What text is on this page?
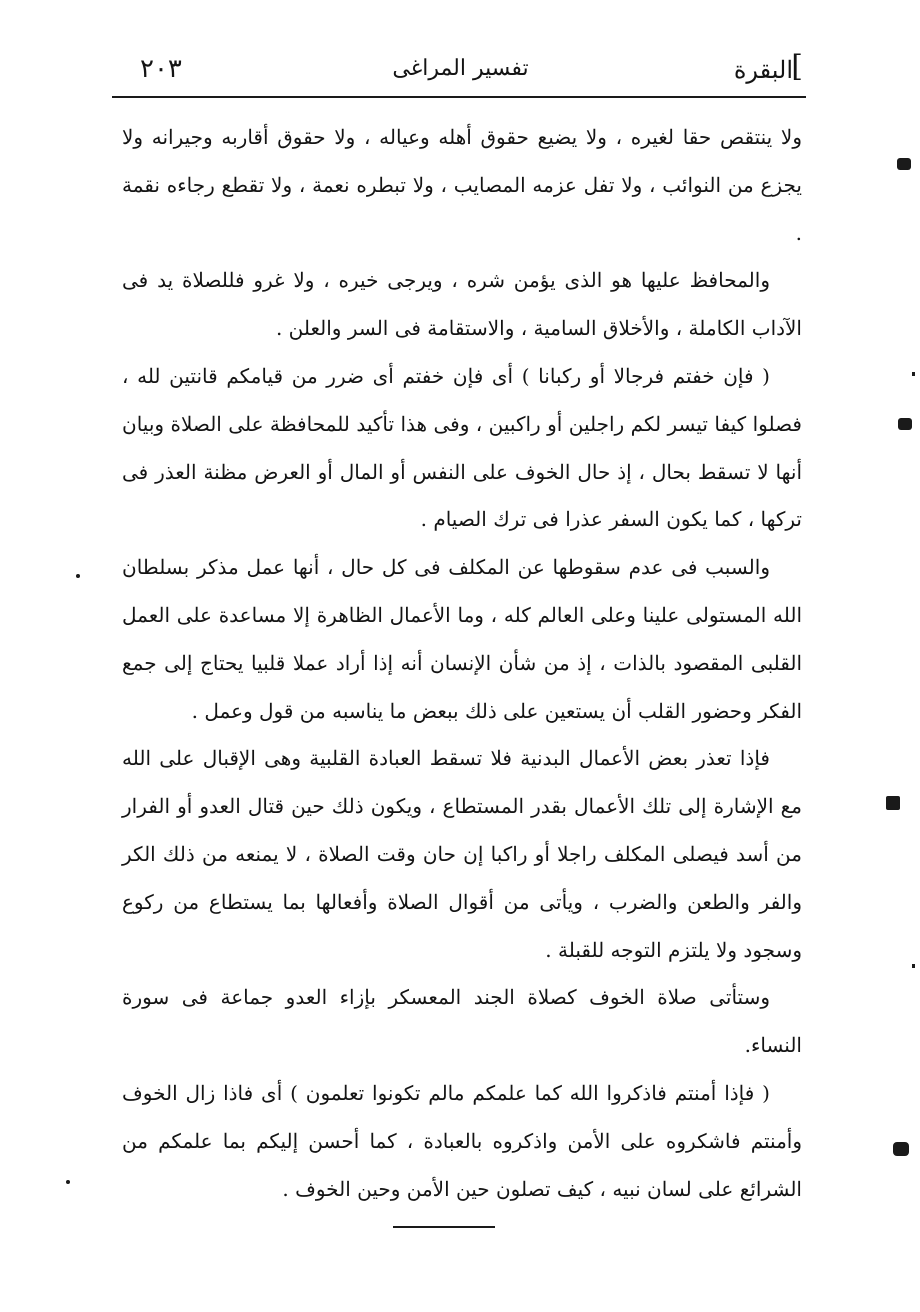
]
البقرة
تفسير المراغى
٢٠٣

ولا ينتقص حقا لغيره ، ولا يضيع حقوق أهله وعياله ، ولا حقوق أقاربه وجيرانه ولا يجزع من النوائب ، ولا تفل عزمه المصايب ، ولا تبطره نعمة ، ولا تقطع رجاءه نقمة .

والمحافظ عليها هو الذى يؤمن شره ، ويرجى خيره ، ولا غرو فللصلاة يد فى الآداب الكاملة ، والأخلاق السامية ، والاستقامة فى السر والعلن .

( فإن خفتم فرجالا أو ركبانا ) أى فإن خفتم أى ضرر من قيامكم قانتين لله ، فصلوا كيفا تيسر لكم راجلين أو راكبين ، وفى هذا تأكيد للمحافظة على الصلاة وبيان أنها لا تسقط بحال ، إذ حال الخوف على النفس أو المال أو العرض مظنة العذر فى تركها ، كما يكون السفر عذرا فى ترك الصيام .

والسبب فى عدم سقوطها عن المكلف فى كل حال ، أنها عمل مذكر بسلطان الله المستولى علينا وعلى العالم كله ، وما الأعمال الظاهرة إلا مساعدة على العمل القلبى المقصود بالذات ، إذ من شأن الإنسان أنه إذا أراد عملا قلبيا يحتاج إلى جمع الفكر وحضور القلب أن يستعين على ذلك ببعض ما يناسبه من قول وعمل .

فإذا تعذر بعض الأعمال البدنية فلا تسقط العبادة القلبية وهى الإقبال على الله مع الإشارة إلى تلك الأعمال بقدر المستطاع ، ويكون ذلك حين قتال العدو أو الفرار من أسد فيصلى المكلف راجلا أو راكبا إن حان وقت الصلاة ، لا يمنعه من ذلك الكر والفر والطعن والضرب ، ويأتى من أقوال الصلاة وأفعالها بما يستطاع من ركوع وسجود ولا يلتزم التوجه للقبلة .

وستأتى صلاة الخوف كصلاة الجند المعسكر بإزاء العدو جماعة فى سورة النساء.

( فإذا أمنتم فاذكروا الله كما علمكم مالم تكونوا تعلمون ) أى فاذا زال الخوف وأمنتم فاشكروه على الأمن واذكروه بالعبادة ، كما أحسن إليكم بما علمكم من الشرائع على لسان نبيه ، كيف تصلون حين الأمن وحين الخوف .
